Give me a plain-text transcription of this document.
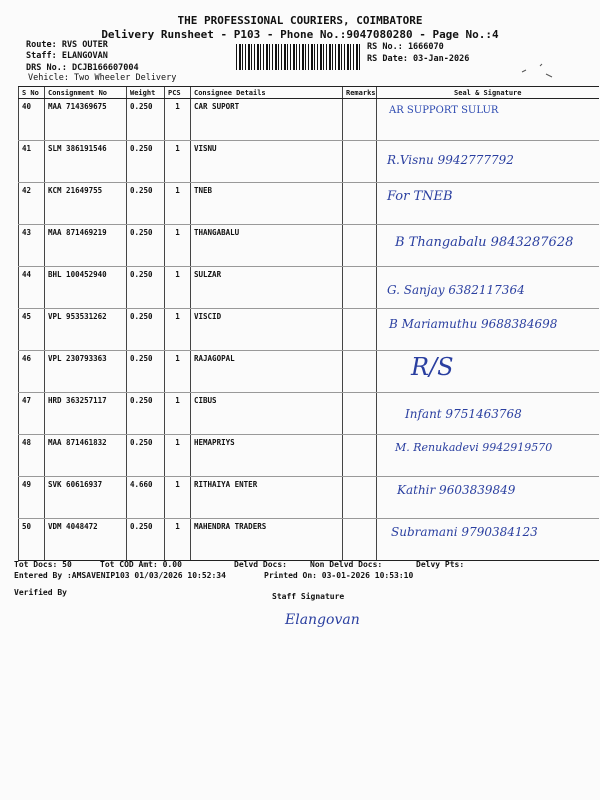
THE PROFESSIONAL COURIERS, COIMBATORE
Delivery Runsheet - P103 - Phone No.:9047080280 - Page No.:4
Route: RVS OUTER
Staff: ELANGOVAN
DRS No.: DCJB166607004
Vehicle: Two Wheeler Delivery
RS No.: 1666070
RS Date: 03-Jan-2026
S No	Consignment No	Weight	PCS	Consignee Details	Remarks	Seal & Signature
40	MAA 714369675	0.250	1	CAR SUPORT		AR SUPPORT SULUR

41	SLM 386191546	0.250	1	VISNU		R.Visnu 9942777792

42	KCM 21649755	0.250	1	TNEB		For TNEB

43	MAA 871469219	0.250	1	THANGABALU		B Thangabalu 9843287628

44	BHL 100452940	0.250	1	SULZAR		G. Sanjay 6382117364

45	VPL 953531262	0.250	1	VISCID		B Mariamuthu 9688384698

46	VPL 230793363	0.250	1	RAJAGOPAL		R/S

47	HRD 363257117	0.250	1	CIBUS		Infant 9751463768

48	MAA 871461832	0.250	1	HEMAPRIYS		M. Renukadevi 9942919570

49	SVK 60616937	4.660	1	RITHAIYA ENTER		Kathir 9603839849

50	VDM 4048472	0.250	1	MAHENDRA TRADERS		Subramani 9790384123
Tot Docs: 50	Tot COD Amt: 0.00	Delvd Docs:	Non Delvd Docs:	Delvy Pts:
Entered By :AMSAVENIP103 01/03/2026 10:52:34	Printed On: 03-01-2026 10:53:10
Verified By	Staff Signature
Elangovan
